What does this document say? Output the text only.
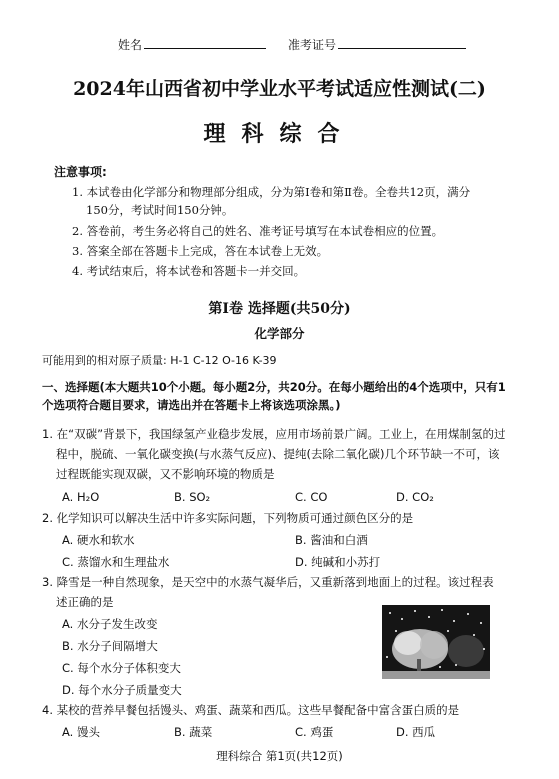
姓名	准考证号
2024年山西省初中学业水平考试适应性测试(二)
理科综合
注意事项:
1. 本试卷由化学部分和物理部分组成，分为第Ⅰ卷和第Ⅱ卷。全卷共12页，满分
150分，考试时间150分钟。
2. 答卷前，考生务必将自己的姓名、准考证号填写在本试卷相应的位置。
3. 答案全部在答题卡上完成，答在本试卷上无效。
4. 考试结束后，将本试卷和答题卡一并交回。
第Ⅰ卷 选择题(共50分)
化学部分
可能用到的相对原子质量: H-1 C-12 O-16 K-39
一、选择题(本大题共10个小题。每小题2分，共20分。在每小题给出的4个选项中，只有1
个选项符合题目要求，请选出并在答题卡上将该选项涂黑。)
1. 在“双碳”背景下，我国绿氢产业稳步发展，应用市场前景广阔。工业上，在用煤制氢的过
程中，脱硫、一氧化碳变换(与水蒸气反应)、提纯(去除二氧化碳)几个环节缺一不可，该
过程既能实现双碳，又不影响环境的物质是
A. H₂O	B. SO₂	C. CO	D. CO₂
2. 化学知识可以解决生活中许多实际问题，下列物质可通过颜色区分的是
A. 硬水和软水	B. 酱油和白酒
C. 蒸馏水和生理盐水	D. 纯碱和小苏打
3. 降雪是一种自然现象，是天空中的水蒸气凝华后，又重新落到地面上的过程。该过程表
述正确的是
A. 水分子发生改变
B. 水分子间隔增大
C. 每个水分子体积变大
D. 每个水分子质量变大
4. 某校的营养早餐包括馒头、鸡蛋、蔬菜和西瓜。这些早餐配备中富含蛋白质的是
A. 馒头	B. 蔬菜	C. 鸡蛋	D. 西瓜
理科综合 第1页(共12页)
